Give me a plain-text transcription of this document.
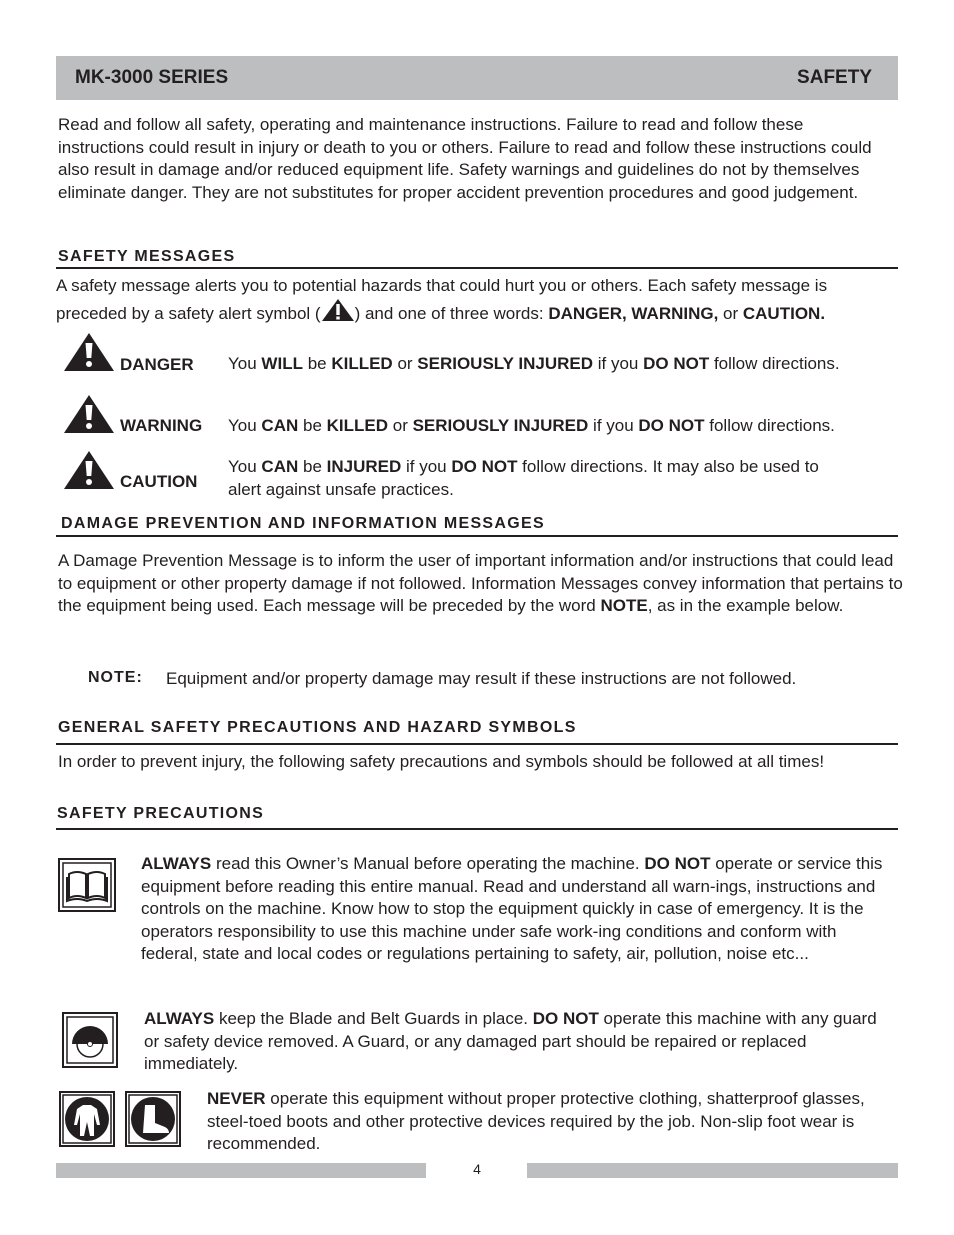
MK-3000 SERIES	SAFETY
Read and follow all safety, operating and maintenance instructions. Failure to read and follow these instructions could result in injury or death to you or others. Failure to read and follow these instructions could also result in damage and/or reduced equipment life. Safety warnings and guidelines do not by themselves eliminate danger. They are not substitutes for proper accident prevention procedures and good judgement.
SAFETY MESSAGES
A safety message alerts you to potential hazards that could hurt you or others. Each safety message is
preceded by a safety alert symbol ( ) and one of three words: DANGER, WARNING, or CAUTION.
DANGER You WILL be KILLED or SERIOUSLY INJURED if you DO NOT follow directions.
WARNING You CAN be KILLED or SERIOUSLY INJURED if you DO NOT follow directions.
CAUTION
You CAN be INJURED if you DO NOT follow directions. It may also be used to
alert against unsafe practices.
DAMAGE PREVENTION AND INFORMATION MESSAGES
A Damage Prevention Message is to inform the user of important information and/or instructions that could lead to equipment or other property damage if not followed. Information Messages convey information that pertains to the equipment being used. Each message will be preceded by the word NOTE, as in the example below.
NOTE: Equipment and/or property damage may result if these instructions are not followed.
GENERAL SAFETY PRECAUTIONS AND HAZARD SYMBOLS
In order to prevent injury, the following safety precautions and symbols should be followed at all times!
SAFETY PRECAUTIONS
ALWAYS read this Owner’s Manual before operating the machine. DO NOT operate or service this equipment before reading this entire manual. Read and understand all warn-ings, instructions and controls on the machine. Know how to stop the equipment quickly in case of emergency. It is the operators responsibility to use this machine under safe work-ing conditions and conform with federal, state and local codes or regulations pertaining to safety, air, pollution, noise etc...
ALWAYS keep the Blade and Belt Guards in place. DO NOT operate this machine with any guard or safety device removed. A Guard, or any damaged part should be repaired or replaced immediately.
NEVER operate this equipment without proper protective clothing, shatterproof glasses, steel-toed boots and other protective devices required by the job. Non-slip foot wear is recommended.
4
